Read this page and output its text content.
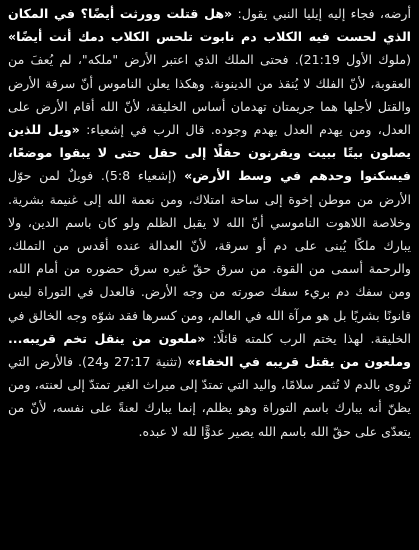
أرضه، فجاء إليه إيليا النبي يقول: «هل قتلت وورثت أيضًا؟ في المكان الذي لحست فيه الكلاب دم نابوت تلحس الكلاب دمك أنت أيضًا» (ملوك الأول 21:19). فحتى الملك الذي اعتبر الأرض "ملكه"، لم يُعفَ من العقوبة، لأنّ الفلك لا يُنقذ من الدينونة. وهكذا يعلن الناموس أنّ سرقة الأرض والقتل لأجلها هما جريمتان تهدمان أساس الخليقة، لأنّ الله أقام الأرض على العدل، ومن يهدم العدل يهدم وجوده. قال الرب في إشعياء: «ويل للذين يصلون بيتًا ببيت ويقرنون حقلًا إلى حقل حتى لا يبقوا موضعًا، فيسكنوا وحدهم في وسط الأرض» (إشعياء 5:8). فويلٌ لمن حوّل الأرض من موطن إخوة إلى ساحة امتلاك، ومن نعمة الله إلى غنيمة بشرية. وخلاصة اللاهوت الناموسي أنّ الله لا يقبل الظلم ولو كان باسم الدين، ولا يبارك ملكًا يُبنى على دم أو سرقة، لأنّ العدالة عنده أقدس من التملك، والرحمة أسمى من القوة. من سرق حقّ غيره سرق حضوره من أمام الله، ومن سفك دم بريء سفك صورته من وجه الأرض. فالعدل في التوراة ليس قانونًا بشريًا بل هو مرآة الله في العالم، ومن كسرها فقد شوّه وجه الخالق في الخليقة. لهذا يختم الرب كلمته قائلًا: «ملعون من ينقل تخم قريبه... وملعون من يقتل قريبه في الخفاء» (تثنية 27:17 و24). فالأرض التي تُروى بالدم لا تُثمر سلامًا، واليد التي تمتدّ إلى ميراث الغير تمتدّ إلى لعنته، ومن يظنّ أنه يبارك باسم التوراة وهو يظلم، إنما يبارك لعنةً على نفسه، لأنّ من يتعدّى على حقّ الله باسم الله يصير عدوًّا لله لا عبده.
